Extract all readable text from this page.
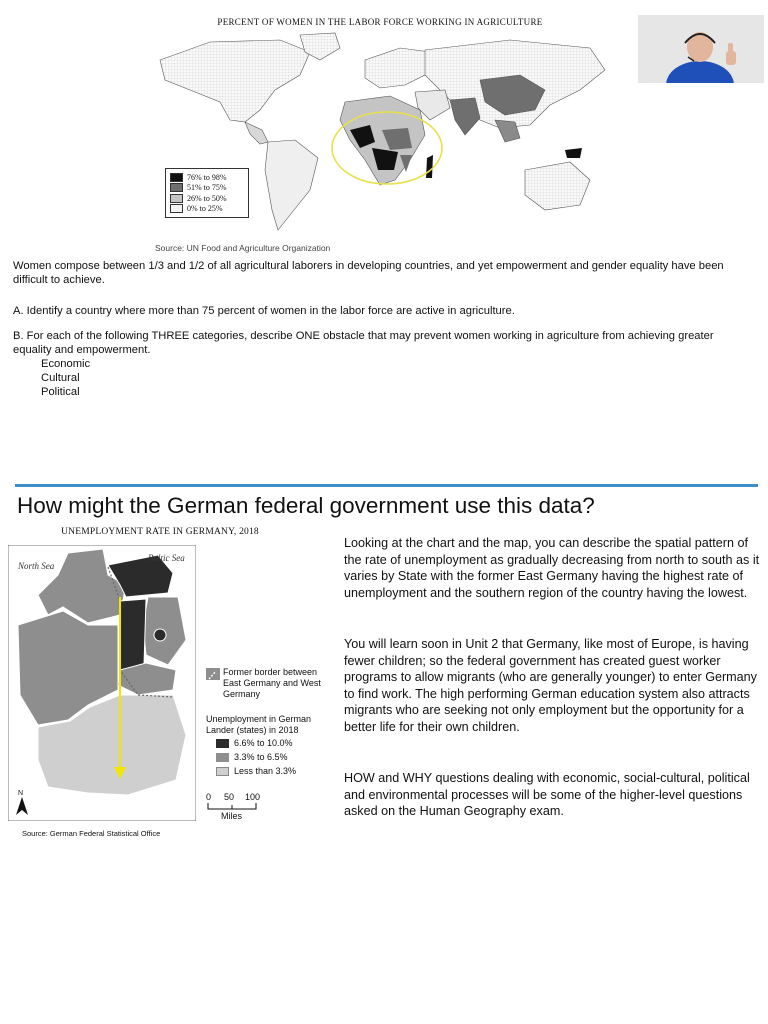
PERCENT OF WOMEN IN THE LABOR FORCE WORKING IN AGRICULTURE
76% to 98%
51% to 75%
26% to 50%
0% to 25%
Source: UN Food and Agriculture Organization
Women compose between 1/3 and 1/2 of all agricultural laborers in developing countries, and yet empowerment and gender equality have been difficult to achieve.
A. Identify a country where more than 75 percent of women in the labor force are active in agriculture.
B. For each of the following THREE categories, describe ONE obstacle that may prevent women working in agriculture from achieving greater equality and empowerment.
Economic
Cultural
Political
How might the German federal government use this data?
UNEMPLOYMENT RATE IN GERMANY, 2018
North Sea
Baltic Sea
N
Former border between East Germany and West Germany
Unemployment in German Lander (states) in 2018
6.6% to 10.0%
3.3% to 6.5%
Less than 3.3%
0 50 100
Miles
Source: German Federal Statistical Office
Looking at the chart and the map, you can describe the spatial pattern of the rate of unemployment as gradually decreasing from north to south as it varies by State with the former East Germany having the highest rate of unemployment and the southern region of the country having the lowest.
You will learn soon in Unit 2 that Germany, like most of Europe, is having fewer children; so the federal government has created guest worker programs to allow migrants (who are generally younger) to enter Germany to find work. The high performing German education system also attracts migrants who are seeking not only employment but the opportunity for a better life for their own children.
HOW and WHY questions dealing with economic, social-cultural, political and environmental processes will be some of the higher-level questions asked on the Human Geography exam.
